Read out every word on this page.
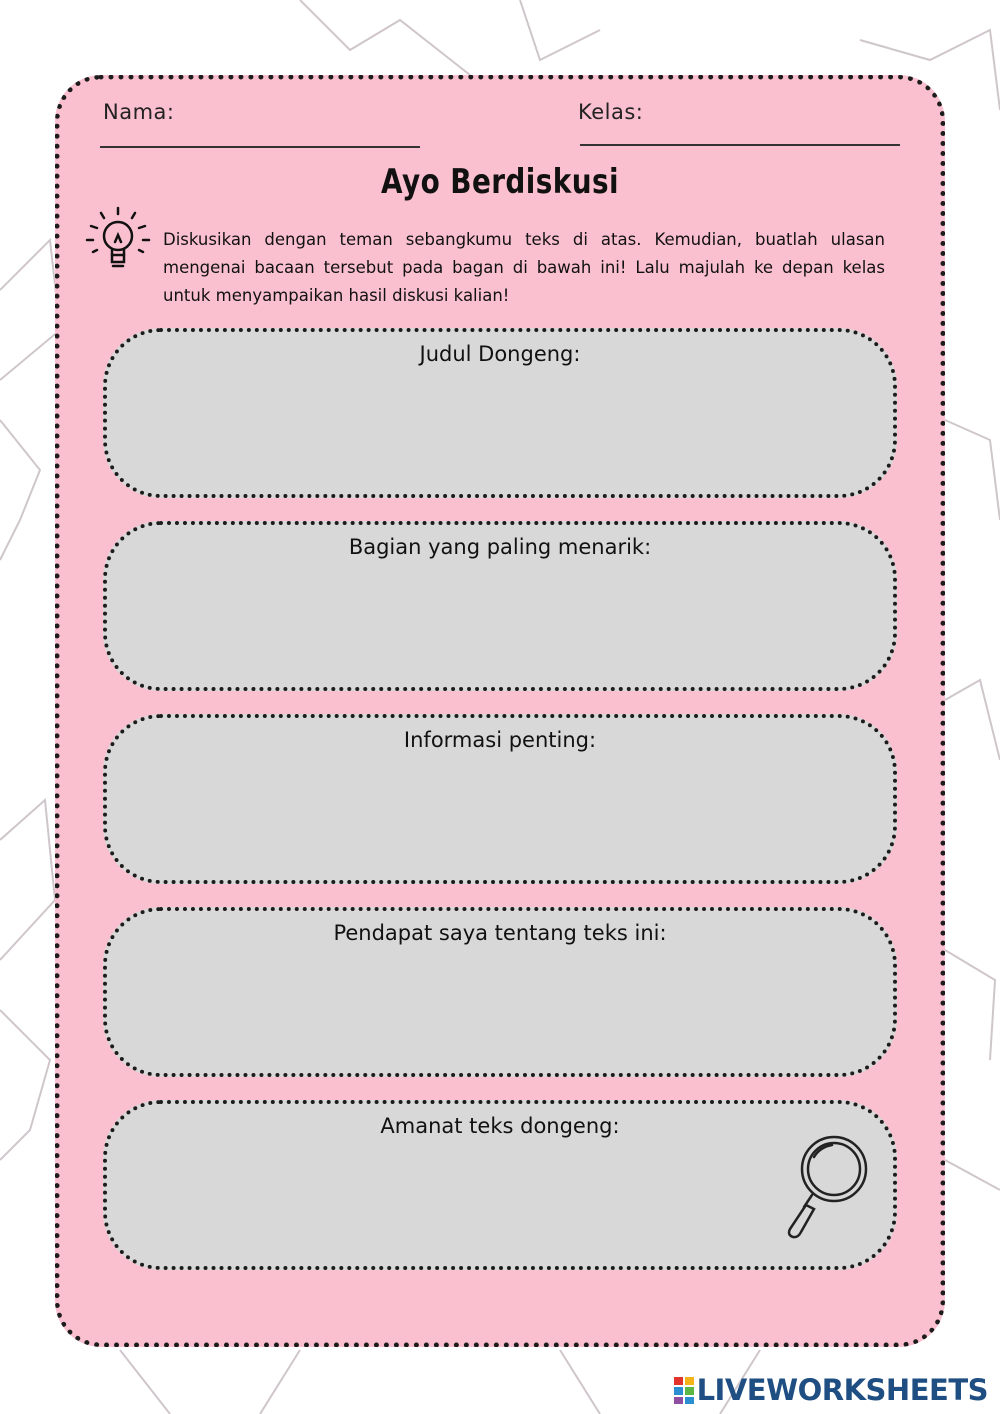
Nama:	Kelas:
Ayo Berdiskusi
Diskusikan dengan teman sebangkumu teks di atas. Kemudian, buatlah ulasan mengenai bacaan tersebut pada bagan di bawah ini! Lalu majulah ke depan kelas untuk menyampaikan hasil diskusi kalian!
Judul Dongeng:
Bagian yang paling menarik:
Informasi penting:
Pendapat saya tentang teks ini:
Amanat teks dongeng:
LIVEWORKSHEETS
